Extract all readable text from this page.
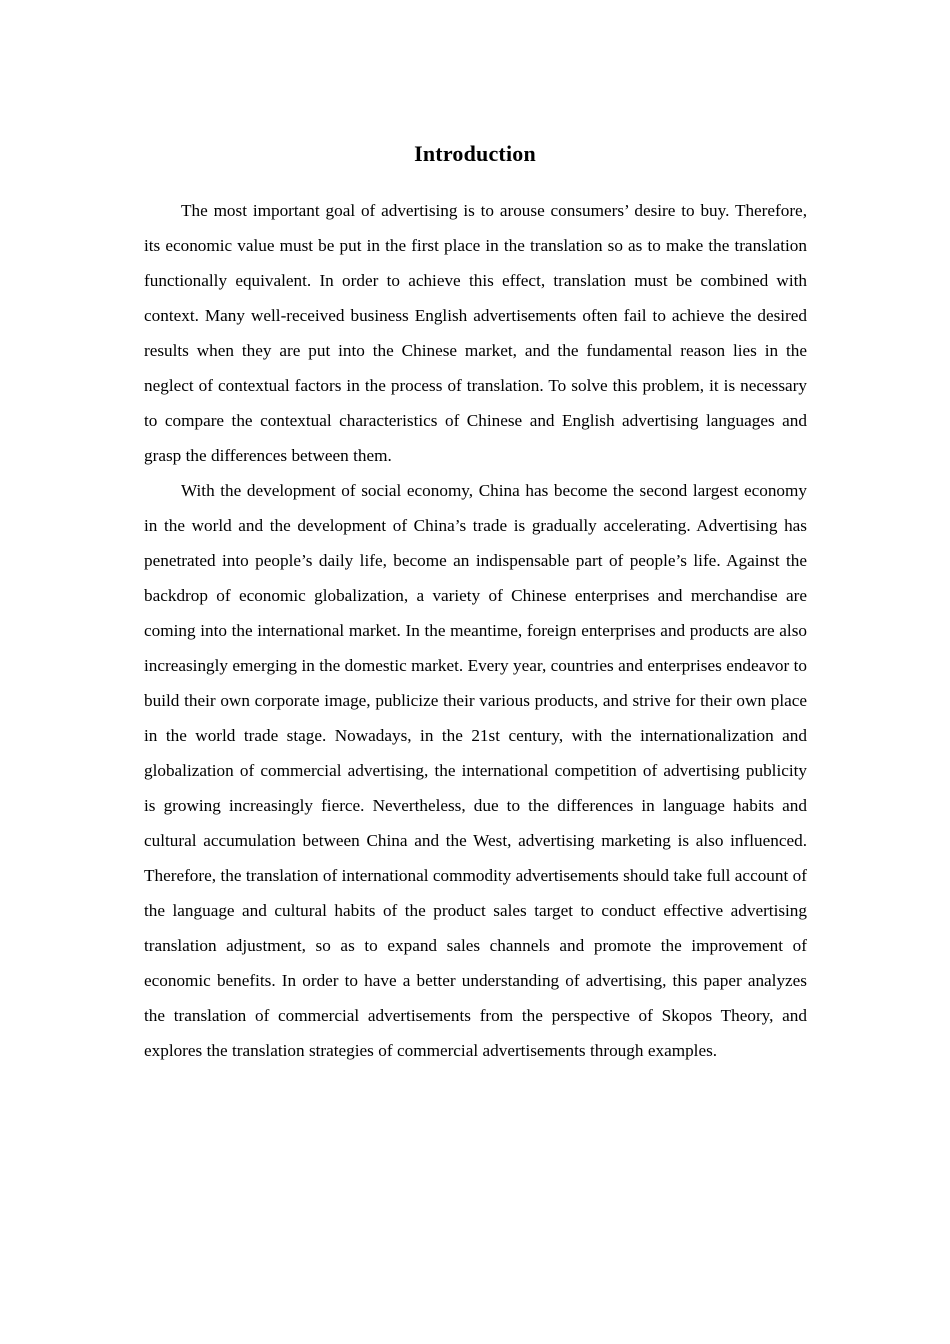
Introduction

The most important goal of advertising is to arouse consumers’ desire to buy. Therefore, its economic value must be put in the first place in the translation so as to make the translation functionally equivalent. In order to achieve this effect, translation must be combined with context. Many well-received business English advertisements often fail to achieve the desired results when they are put into the Chinese market, and the fundamental reason lies in the neglect of contextual factors in the process of translation. To solve this problem, it is necessary to compare the contextual characteristics of Chinese and English advertising languages and grasp the differences between them.

With the development of social economy, China has become the second largest economy in the world and the development of China’s trade is gradually accelerating. Advertising has penetrated into people’s daily life, become an indispensable part of people’s life. Against the backdrop of economic globalization, a variety of Chinese enterprises and merchandise are coming into the international market. In the meantime, foreign enterprises and products are also increasingly emerging in the domestic market. Every year, countries and enterprises endeavor to build their own corporate image, publicize their various products, and strive for their own place in the world trade stage. Nowadays, in the 21st century, with the internationalization and globalization of commercial advertising, the international competition of advertising publicity is growing increasingly fierce. Nevertheless, due to the differences in language habits and cultural accumulation between China and the West, advertising marketing is also influenced. Therefore, the translation of international commodity advertisements should take full account of the language and cultural habits of the product sales target to conduct effective advertising translation adjustment, so as to expand sales channels and promote the improvement of economic benefits. In order to have a better understanding of advertising, this paper analyzes the translation of commercial advertisements from the perspective of Skopos Theory, and explores the translation strategies of commercial advertisements through examples.
